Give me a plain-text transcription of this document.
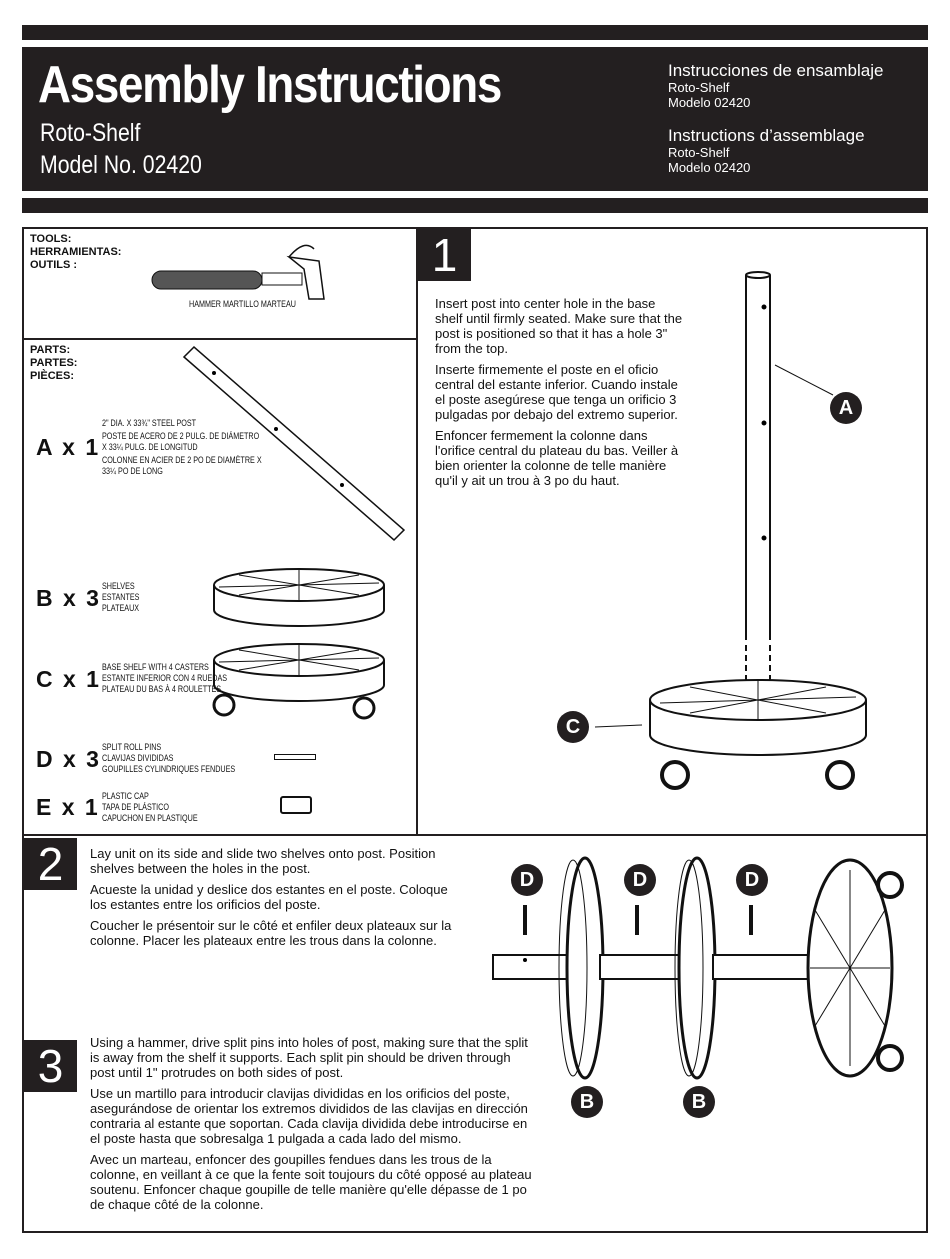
Assembly Instructions
Roto-Shelf
Model No. 02420
Instrucciones de ensamblaje
Roto-Shelf
Modelo 02420
Instructions d’assemblage
Roto-Shelf
Modelo 02420
TOOLS:
HERRAMIENTAS:
OUTILS :
HAMMER MARTILLO MARTEAU
PARTS:
PARTES:
PIÈCES:
A x 1
2" DIA. X 33¾" STEEL POST
POSTE DE ACERO DE 2 PULG. DE DIÁMETRO X 33¼ PULG. DE LONGITUD
COLONNE EN ACIER DE 2 PO DE DIAMÈTRE X 33¼ PO DE LONG
B x 3 SHELVES
ESTANTES
PLATEAUX
C x 1 BASE SHELF WITH 4 CASTERS
ESTANTE INFERIOR CON 4 RUEDAS
PLATEAU DU BAS À 4 ROULETTES
D x 3 SPLIT ROLL PINS
CLAVIJAS DIVIDIDAS
GOUPILLES CYLINDRIQUES FENDUES
E x 1 PLASTIC CAP
TAPA DE PLÁSTICO
CAPUCHON EN PLASTIQUE
1

Insert post into center hole in the base shelf until firmly seated. Make sure that the post is positioned so that it has a hole 3" from the top.

Inserte firmemente el poste en el oficio central del estante inferior. Cuando instale el poste asegúrese que tenga un orificio 3 pulgadas por debajo del extremo superior.

Enfoncer fermement la colonne dans l'orifice central du plateau du bas. Veiller à bien orienter la colonne de telle manière qu'il y ait un trou à 3 po du haut.

A
C
2	Lay unit on its side and slide two shelves onto post. Position shelves between the holes in the post.

Acueste la unidad y deslice dos estantes en el poste. Coloque los estantes entre los orificios del poste.

Coucher le présentoir sur le côté et enfiler deux plateaux sur la colonne. Placer les plateaux entre les trous dans la colonne.

3	Using a hammer, drive split pins into holes of post, making sure that the split is away from the shelf it supports. Each split pin should be driven through post until 1" protrudes on both sides of post.

Use un martillo para introducir clavijas divididas en los orificios del poste, asegurándose de orientar los extremos divididos de las clavijas en dirección contraria al estante que soportan. Cada clavija dividida debe introducirse en el poste hasta que sobresalga 1 pulgada a cada lado del mismo.

Avec un marteau, enfoncer des goupilles fendues dans les trous de la colonne, en veillant à ce que la fente soit toujours du côté opposé au plateau soutenu. Enfoncer chaque goupille de telle manière qu'elle dépasse de 1 po de chaque côté de la colonne.

D	D	D
B	B
